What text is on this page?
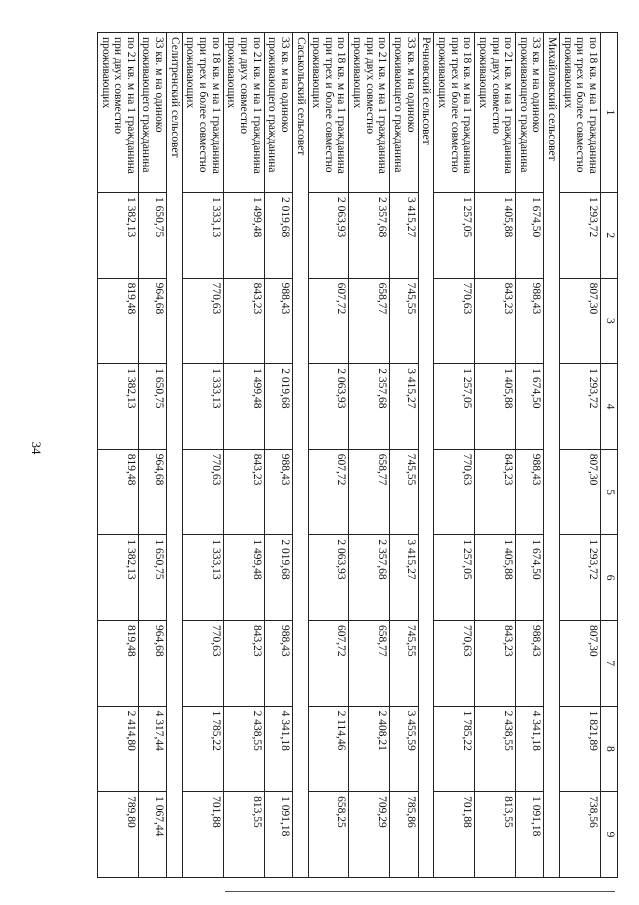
34
1	2	3	4	5	6	7	8	9
по 18 кв. м на 1 гражданина при трех и более совместно проживающих	1 293,72	807,30	1 293,72	807,30	1 293,72	807,30	1 821,89	738,56
Михайловский сельсовет								
33 кв. м на одиноко проживающего гражданина	1 674,50	988,43	1 674,50	988,43	1 674,50	988,43	4 341,18	1 091,18
по 21 кв. м на 1 гражданина при двух совместно проживающих	1 405,88	843,23	1 405,88	843,23	1 405,88	843,23	2 438,55	813,55
по 18 кв. м на 1 гражданина при трех и более совместно проживающих	1 257,05	770,63	1 257,05	770,63	1 257,05	770,63	1 785,22	701,88
Речновский сельсовет								
33 кв. м на одиноко проживающего гражданина	3 415,27	745,55	3 415,27	745,55	3 415,27	745,55	3 455,59	785,86
по 21 кв. м на 1 гражданина при двух совместно проживающих	2 357,68	658,77	2 357,68	658,77	2 357,68	658,77	2 408,21	709,29
по 18 кв. м на 1 гражданина при трех и более совместно проживающих	2 063,93	607,72	2 063,93	607,72	2 063,93	607,72	2 114,46	658,25
Саськольский сельсовет								
33 кв. м на одиноко проживающего гражданина	2 019,68	988,43	2 019,68	988,43	2 019,68	988,43	4 341,18	1 091,18
по 21 кв. м на 1 гражданина при двух совместно проживающих	1 499,48	843,23	1 499,48	843,23	1 499,48	843,23	2 438,55	813,55
по 18 кв. м на 1 гражданина при трех и более совместно проживающих	1 333,13	770,63	1 333,13	770,63	1 333,13	770,63	1 785,22	701,88
Селитренский сельсовет								
33 кв. м на одиноко проживающего гражданина	1 650,75	964,68	1 650,75	964,68	1 650,75	964,68	4 317,44	1 067,44
по 21 кв. м на 1 гражданина при двух совместно проживающих	1 382,13	819,48	1 382,13	819,48	1 382,13	819,48	2 414,80	789,80
